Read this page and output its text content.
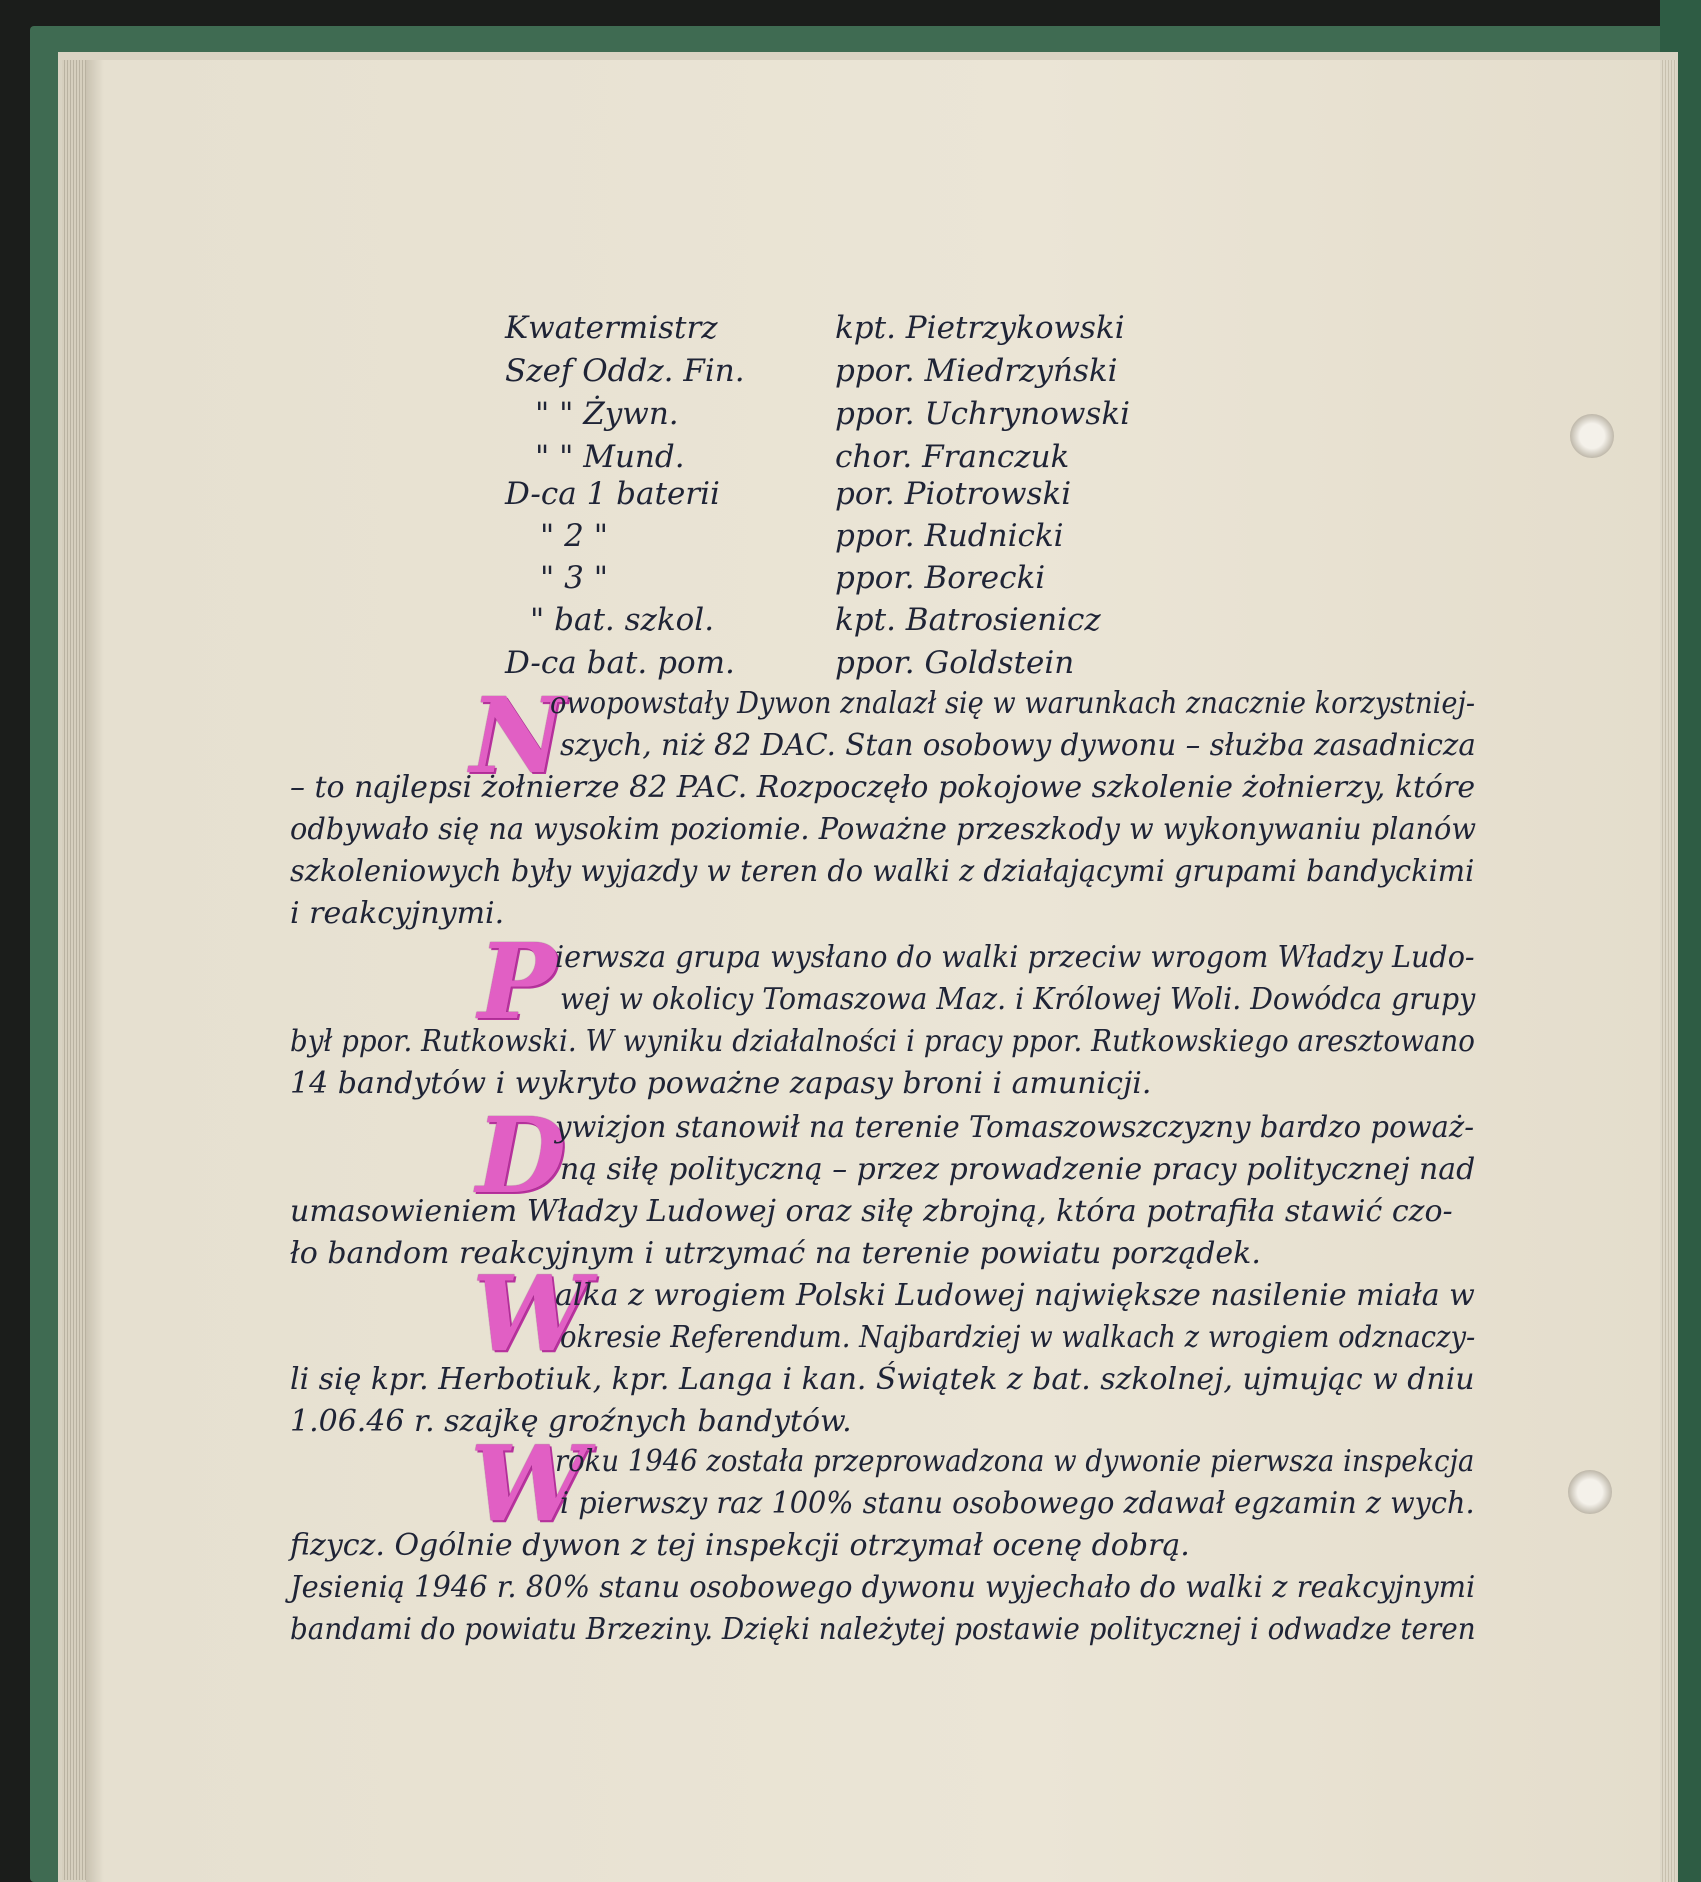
Kwatermistrz	kpt. Pietrzykowski
Szef Oddz. Fin.	ppor. Miedrzyński
" " Żywn.	ppor. Uchrynowski
" " Mund.	chor. Franczuk
D-ca 1 baterii	por. Piotrowski
" 2 "	ppor. Rudnicki
" 3 "	ppor. Borecki
" bat. szkol.	kpt. Batrosienicz
D-ca bat. pom.	ppor. Goldstein
N
owopowstały Dywon znalazł się w warunkach znacznie korzystniej-
szych, niż 82 DAC. Stan osobowy dywonu – służba zasadnicza
– to najlepsi żołnierze 82 PAC. Rozpoczęło pokojowe szkolenie żołnierzy, które
odbywało się na wysokim poziomie. Poważne przeszkody w wykonywaniu planów
szkoleniowych były wyjazdy w teren do walki z działającymi grupami bandyckimi
i reakcyjnymi.
P
ierwsza grupa wysłano do walki przeciw wrogom Władzy Ludo-
wej w okolicy Tomaszowa Maz. i Królowej Woli. Dowódca grupy
był ppor. Rutkowski. W wyniku działalności i pracy ppor. Rutkowskiego aresztowano
14 bandytów i wykryto poważne zapasy broni i amunicji.
D
ywizjon stanowił na terenie Tomaszowszczyzny bardzo poważ-
ną siłę polityczną – przez prowadzenie pracy politycznej nad
umasowieniem Władzy Ludowej oraz siłę zbrojną, która potrafiła stawić czo-
ło bandom reakcyjnym i utrzymać na terenie powiatu porządek.
W
alka z wrogiem Polski Ludowej największe nasilenie miała w
okresie Referendum. Najbardziej w walkach z wrogiem odznaczy-
li się kpr. Herbotiuk, kpr. Langa i kan. Świątek z bat. szkolnej, ujmując w dniu
1.06.46 r. szajkę groźnych bandytów.
W
roku 1946 została przeprowadzona w dywonie pierwsza inspekcja
i pierwszy raz 100% stanu osobowego zdawał egzamin z wych.
fizycz. Ogólnie dywon z tej inspekcji otrzymał ocenę dobrą.
Jesienią 1946 r. 80% stanu osobowego dywonu wyjechało do walki z reakcyjnymi
bandami do powiatu Brzeziny. Dzięki należytej postawie politycznej i odwadze teren
